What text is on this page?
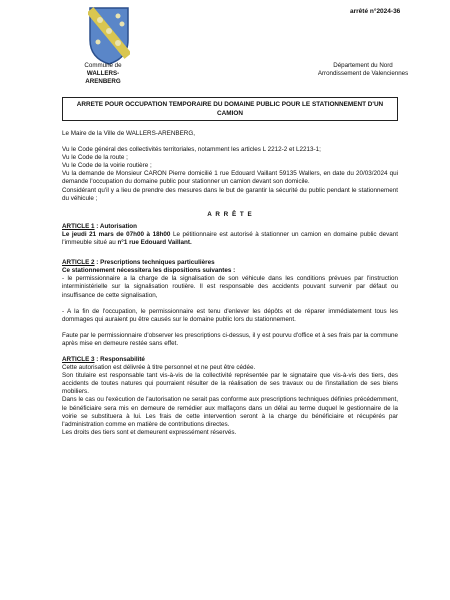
arrêté n°2024-36
Commune de
WALLERS-ARENBERG
Département du Nord
Arrondissement de Valenciennes
ARRETE POUR OCCUPATION TEMPORAIRE DU DOMAINE PUBLIC POUR LE STATIONNEMENT D'UN CAMION

Le Maire de la Ville de WALLERS-ARENBERG,

Vu le Code général des collectivités territoriales, notamment les articles L 2212-2 et L2213-1;

Vu le Code de la route ;

Vu le Code de la voirie routière ;

Vu la demande de Monsieur CARON Pierre domicilié 1 rue Edouard Vaillant 59135 Wallers, en date du 20/03/2024 qui demande l'occupation du domaine public pour stationner un camion devant son domicile.

Considérant qu'il y a lieu de prendre des mesures dans le but de garantir la sécurité du public pendant le stationnement du véhicule ;

A R R Ê T E

ARTICLE 1 : Autorisation

Le jeudi 21 mars de 07h00 à 18h00 Le pétitionnaire est autorisé à stationner un camion en domaine public devant l'immeuble situé au n°1 rue Edouard Vaillant.

ARTICLE 2 : Prescriptions techniques particulières

Ce stationnement nécessitera les dispositions suivantes :

- le permissionnaire a la charge de la signalisation de son véhicule dans les conditions prévues par l'instruction interministérielle sur la signalisation routière. Il est responsable des accidents pouvant survenir par défaut ou insuffisance de cette signalisation,

- A la fin de l'occupation, le permissionnaire est tenu d'enlever les dépôts et de réparer immédiatement tous les dommages qui auraient pu être causés sur le domaine public lors du stationnement.

Faute par le permissionnaire d'observer les prescriptions ci-dessus, il y est pourvu d'office et à ses frais par la commune après mise en demeure restée sans effet.

ARTICLE 3 : Responsabilité

Cette autorisation est délivrée à titre personnel et ne peut être cédée.

Son titulaire est responsable tant vis-à-vis de la collectivité représentée par le signataire que vis-à-vis des tiers, des accidents de toutes natures qui pourraient résulter de la réalisation de ses travaux ou de l'installation de ses biens mobiliers.

Dans le cas ou l'exécution de l'autorisation ne serait pas conforme aux prescriptions techniques définies précédemment, le bénéficiaire sera mis en demeure de remédier aux malfaçons dans un délai au terme duquel le gestionnaire de la voirie se substituera à lui. Les frais de cette intervention seront à la charge du bénéficiaire et récupérés par l'administration comme en matière de contributions directes.

Les droits des tiers sont et demeurent expressément réservés.
